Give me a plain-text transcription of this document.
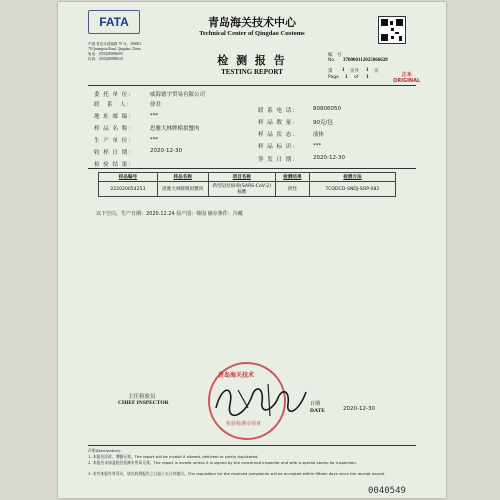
FATA	青岛海关技术中心
Technical Center of Qingdao Customs
中国 青岛市清源路 70 号，266002
70 Qutangxia Road, Qingdao, China
电话：(0532)80885605
传真：(0532)80885610	检 测 报 告
TESTING REPORT
编　号
No. 370000112025066628
第 1 页共 1 页
Page 1 of 1	正本
ORIGINAL
委 托 单 位：	威海德宇贸易有限公司
联　系　人：	徐君
联 系 电 话：	80806050
地 址 邮 编：	***
样 品 数 量：	90克/包
样 品 名 称：	思雅大林牌模拟蟹肉
样 品 状 态：	液体
生 产 单 位：	***
样 品 标 识：	***
收 样 日 期：	2020-12-30
签 发 日 期：	2020-12-30
检 验 结 果：
样品编号	样品名称	项目名称	检测结果	检测方法
222020054253	思雅大林牌模拟蟹肉	新型冠状病毒(SARS-CoV-2)核酸	阴性	TCQDCD-SNDJ-SOP-082
以下空白。生产日期：2020.12.24 原产国：韩国 储存条件：冷藏
青岛海关技术
检验检测专用章
主任检验员
CHIEF INSPECTOR	日期
DATE	2020-12-30
声明(Declaration)：
1. 本报告涂改、增删无效。The report will be invalid if altered, deficient or partly duplicated.
2. 本报告未加盖检验检测专用章无效。The report is invalid unless it is signed by the concerned inspector and with a special stamp for inspection.
3. 若对本报告有异议，请在收到报告之日起十五日内提出。The requisition for the resolved complaints will be accepted within fifteen days since the receipt issued.
0040549
